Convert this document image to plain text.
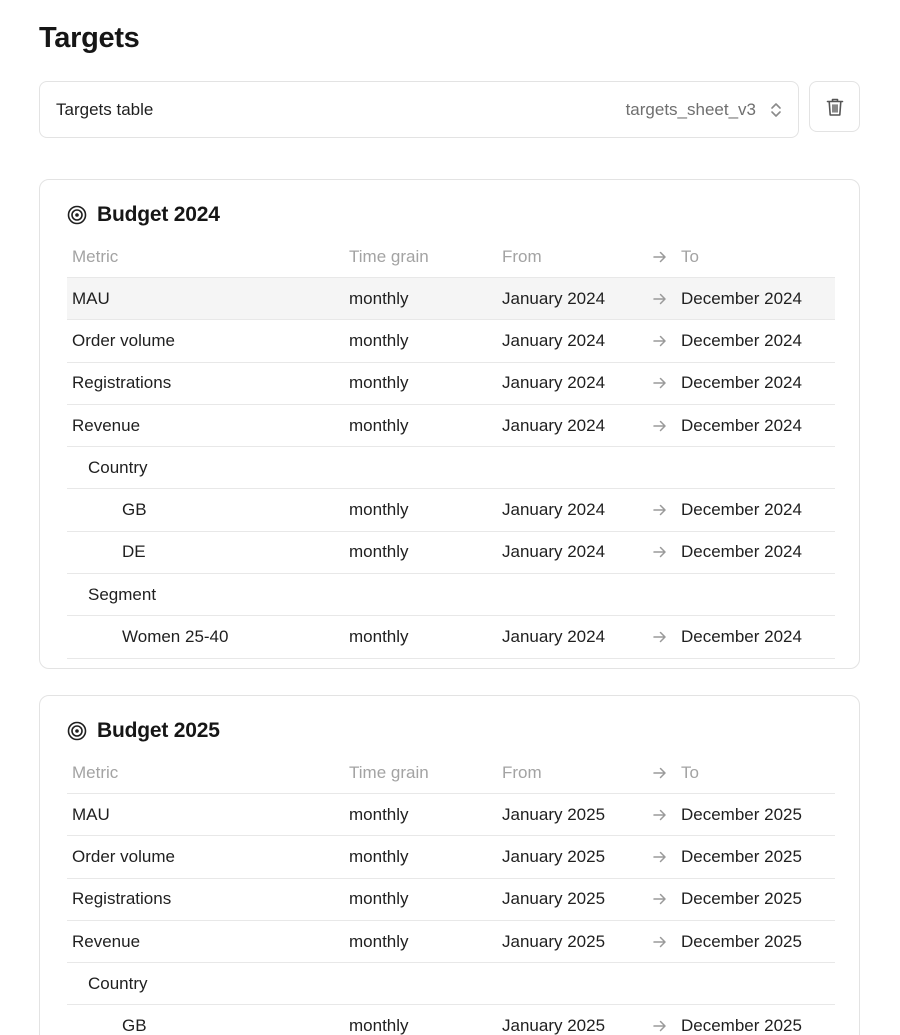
Targets
Targets table	targets_sheet_v3
Budget 2024
Metric	Time grain	From	To
MAU	monthly	January 2024	December 2024
Order volume	monthly	January 2024	December 2024
Registrations	monthly	January 2024	December 2024
Revenue	monthly	January 2024	December 2024
Country
GB	monthly	January 2024	December 2024
DE	monthly	January 2024	December 2024
Segment
Women 25-40	monthly	January 2024	December 2024
Budget 2025
Metric	Time grain	From	To
MAU	monthly	January 2025	December 2025
Order volume	monthly	January 2025	December 2025
Registrations	monthly	January 2025	December 2025
Revenue	monthly	January 2025	December 2025
Country
GB	monthly	January 2025	December 2025
